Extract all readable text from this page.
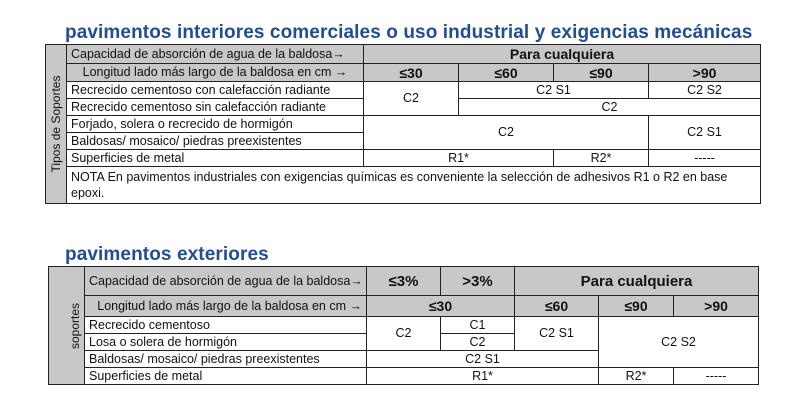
pavimentos interiores comerciales o uso industrial y exigencias mecánicas
Tipos de Soportes	Capacidad de absorción de agua de la baldosa→	Para cualquiera			
	Longitud lado más largo de la baldosa en cm →	≤30	≤60	≤90	>90
	Recrecido cementoso con calefacción radiante	C2	C2 S1		C2 S2
	Recrecido cementoso sin calefacción radiante		C2		
	Forjado, solera o recrecido de hormigón	C2			C2 S1
	Baldosas/ mosaico/ piedras preexistentes				
	Superficies de metal	R1*		R2*	-----
	NOTA En pavimentos industriales con exigencias químicas es conveniente la selección de adhesivos R1 o R2 en base epoxi.				
pavimentos exteriores
soportes	Capacidad de absorción de agua de la baldosa→	≤3%	>3%	Para cualquiera		
	Longitud lado más largo de la baldosa en cm →	≤30		≤60	≤90	>90
	Recrecido cementoso	C2	C1	C2 S1	C2 S2	
	Losa o solera de hormigón		C2			
	Baldosas/ mosaico/ piedras preexistentes	C2 S1				
	Superficies de metal	R1*			R2*	-----
